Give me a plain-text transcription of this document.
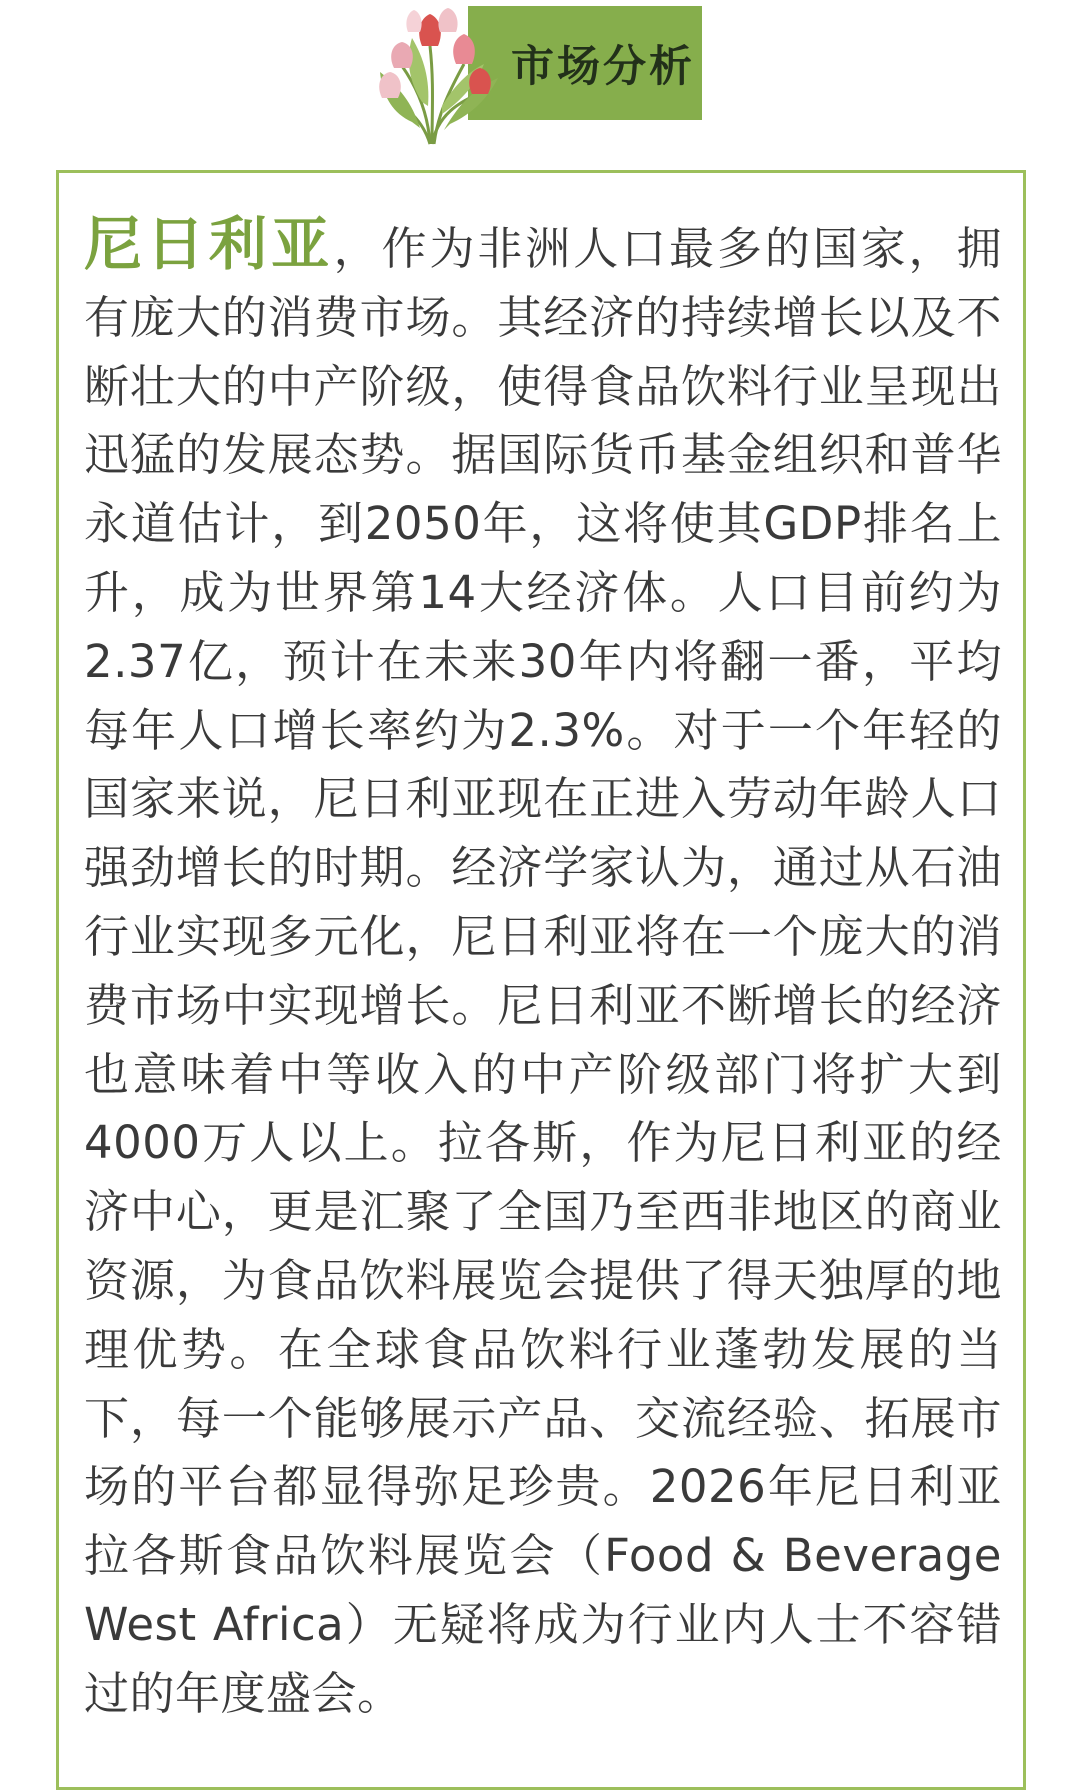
市场分析

尼日利亚，作为非洲人口最多的国家，拥有庞大的消费市场。其经济的持续增长以及不断壮大的中产阶级，使得食品饮料行业呈现出迅猛的发展态势。据国际货币基金组织和普华永道估计，到2050年，这将使其GDP排名上升，成为世界第14大经济体。人口目前约为2.37亿，预计在未来30年内将翻一番，平均每年人口增长率约为2.3%。对于一个年轻的国家来说，尼日利亚现在正进入劳动年龄人口强劲增长的时期。经济学家认为，通过从石油行业实现多元化，尼日利亚将在一个庞大的消费市场中实现增长。尼日利亚不断增长的经济也意味着中等收入的中产阶级部门将扩大到4000万人以上。拉各斯，作为尼日利亚的经济中心，更是汇聚了全国乃至西非地区的商业资源，为食品饮料展览会提供了得天独厚的地理优势。在全球食品饮料行业蓬勃发展的当下，每一个能够展示产品、交流经验、拓展市场的平台都显得弥足珍贵。2026年尼日利亚拉各斯食品饮料展览会（Food & Beverage West Africa）无疑将成为行业内人士不容错过的年度盛会。
